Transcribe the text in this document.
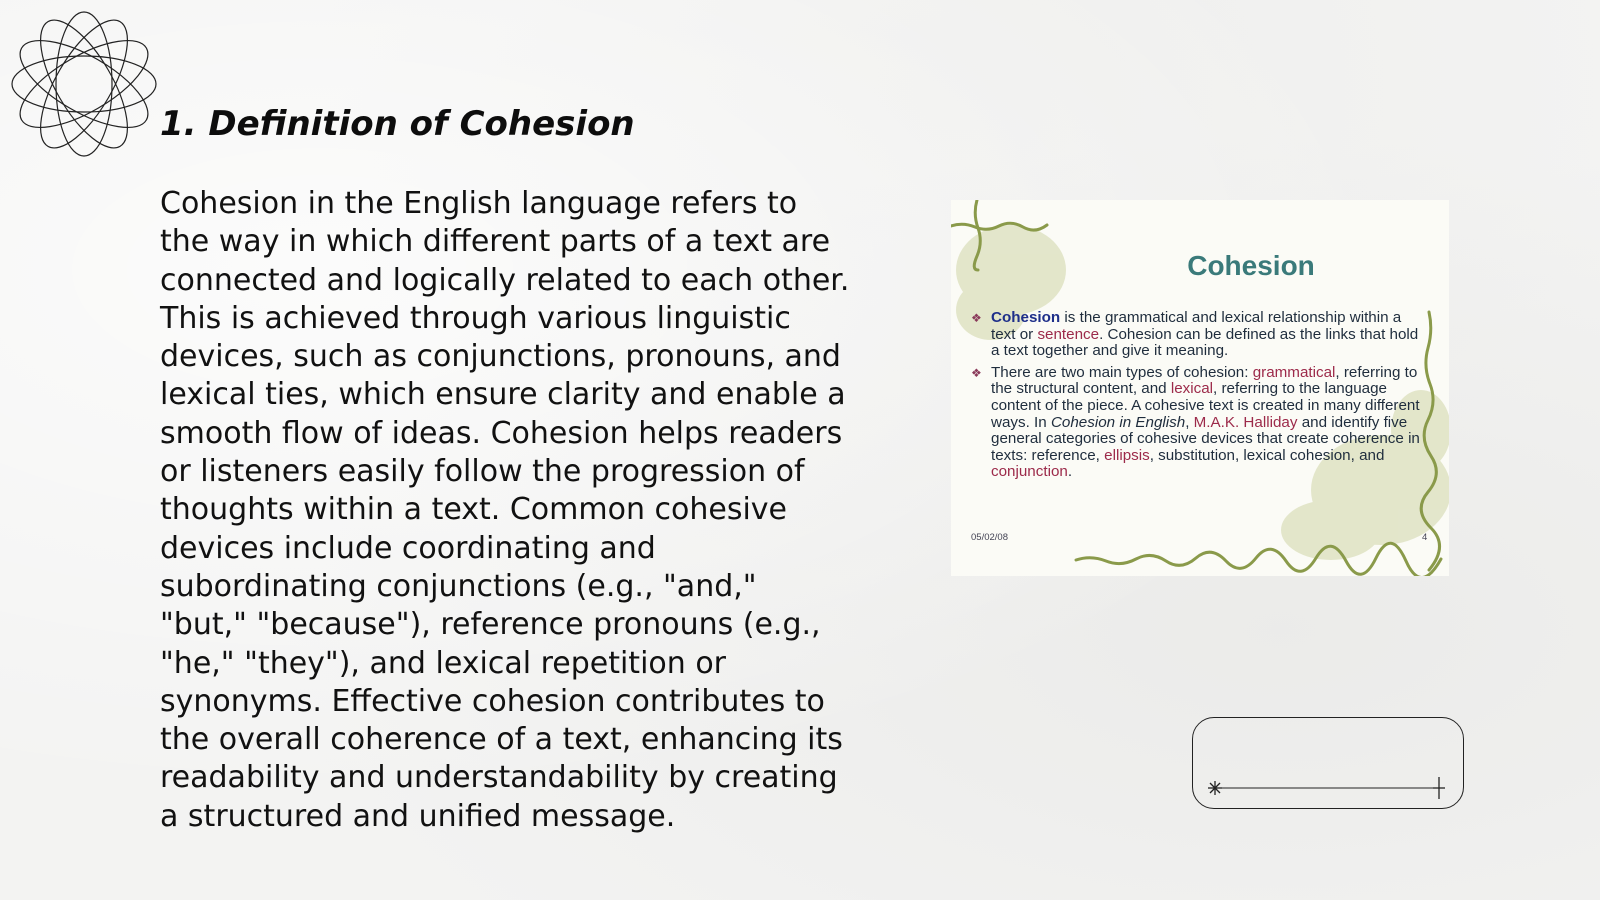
1. Definition of Cohesion

Cohesion in the English language refers to the way in which different parts of a text are connected and logically related to each other. This is achieved through various linguistic devices, such as conjunctions, pronouns, and lexical ties, which ensure clarity and enable a smooth flow of ideas. Cohesion helps readers or listeners easily follow the progression of thoughts within a text. Common cohesive devices include coordinating and subordinating conjunctions (e.g., "and," "but," "because"), reference pronouns (e.g., "he," "they"), and lexical repetition or synonyms. Effective cohesion contributes to the overall coherence of a text, enhancing its readability and understandability by creating a structured and unified message.

Cohesion
❖ Cohesion is the grammatical and lexical relationship within a text or sentence. Cohesion can be defined as the links that hold a text together and give it meaning.
❖ There are two main types of cohesion: grammatical, referring to the structural content, and lexical, referring to the language content of the piece. A cohesive text is created in many different ways. In Cohesion in English, M.A.K. Halliday and identify five general categories of cohesive devices that create coherence in texts: reference, ellipsis, substitution, lexical cohesion, and conjunction.
05/02/08	4
